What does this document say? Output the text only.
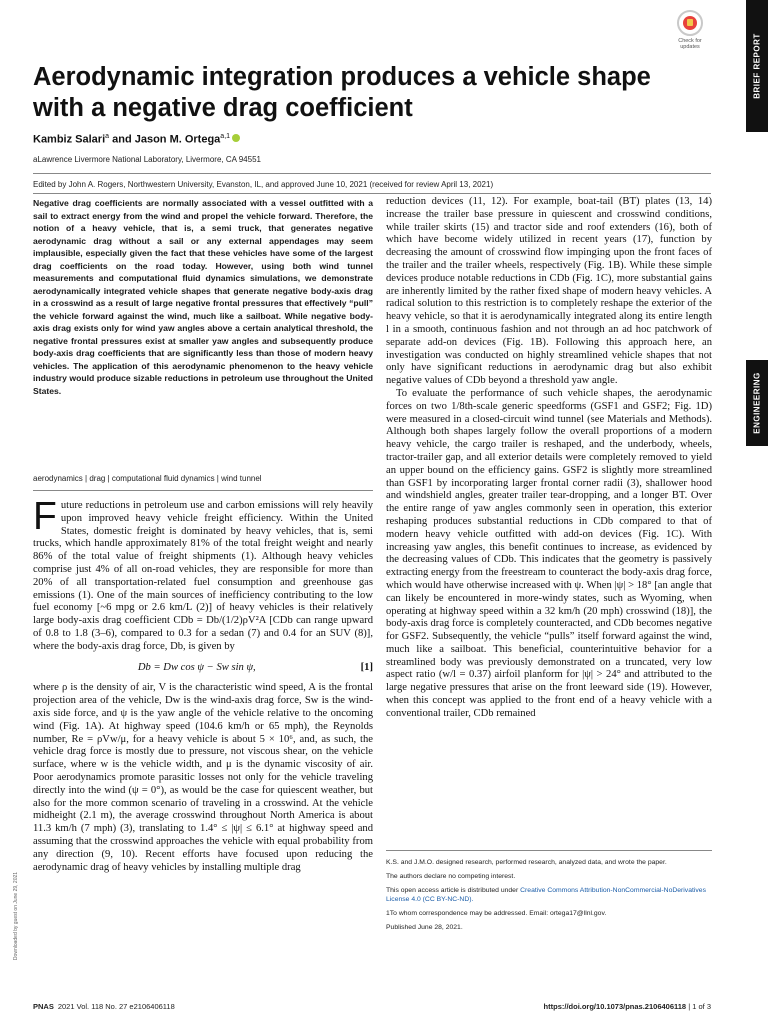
BRIEF REPORT
ENGINEERING
Check for updates
Aerodynamic integration produces a vehicle shape with a negative drag coefficient
Kambiz Salari$^a$ and Jason M. Ortega$^{a,1}$
aLawrence Livermore National Laboratory, Livermore, CA 94551
Edited by John A. Rogers, Northwestern University, Evanston, IL, and approved June 10, 2021 (received for review April 13, 2021)
Negative drag coefficients are normally associated with a vessel outfitted with a sail to extract energy from the wind and propel the vehicle forward. Therefore, the notion of a heavy vehicle, that is, a semi truck, that generates negative aerodynamic drag without a sail or any external appendages may seem implausible, especially given the fact that these vehicles have some of the largest drag coefficients on the road today. However, using both wind tunnel measurements and computational fluid dynamics simulations, we demonstrate aerodynamically integrated vehicle shapes that generate negative body-axis drag in a crosswind as a result of large negative frontal pressures that effectively “pull” the vehicle forward against the wind, much like a sailboat. While negative body-axis drag exists only for wind yaw angles above a certain analytical threshold, the negative frontal pressures exist at smaller yaw angles and subsequently produce body-axis drag coefficients that are significantly less than those of modern heavy vehicles. The application of this aerodynamic phenomenon to the heavy vehicle industry would produce sizable reductions in petroleum use throughout the United States.
aerodynamics | drag | computational fluid dynamics | wind tunnel

Future reductions in petroleum use and carbon emissions will rely heavily upon improved heavy vehicle freight efficiency. Within the United States, domestic freight is dominated by heavy vehicles, that is, semi trucks, which handle approximately 81% of the total freight weight and nearly 86% of the total value of freight shipments (1). Although heavy vehicles comprise just 4% of all on-road vehicles, they are responsible for more than 20% of all transportation-related fuel consumption and greenhouse gas emissions (1). One of the main sources of inefficiency contributing to the low fuel economy [~6 mpg or 2.6 km/L (2)] of heavy vehicles is their relatively large body-axis drag coefficient CDb = Db/(1/2)ρV²A [CDb can range upward of 0.8 to 1.8 (3–6), compared to 0.3 for a sedan (7) and 0.4 for an SUV (8)], where the body-axis drag force, Db, is given by

Db = Dw cos ψ − Sw sin ψ,	[1]

where ρ is the density of air, V is the characteristic wind speed, A is the frontal projection area of the vehicle, Dw is the wind-axis drag force, Sw is the wind-axis side force, and ψ is the yaw angle of the vehicle relative to the oncoming wind (Fig. 1A). At highway speed (104.6 km/h or 65 mph), the Reynolds number, Re = ρVw/μ, for a heavy vehicle is about 5 × 10⁶, and, as such, the vehicle drag force is mostly due to pressure, not viscous shear, on the vehicle surface, where w is the vehicle width, and μ is the dynamic viscosity of air. Poor aerodynamics promote parasitic losses not only for the vehicle traveling directly into the wind (ψ = 0°), as would be the case for quiescent weather, but also for the more common scenario of traveling in a crosswind. At the vehicle midheight (2.1 m), the average crosswind throughout North America is about 11.3 km/h (7 mph) (3), translating to 1.4° ≤ |ψ| ≤ 6.1° at highway speed and assuming that the crosswind approaches the vehicle with equal probability from any direction (9, 10). Recent efforts have focused upon reducing the aerodynamic drag of heavy vehicles by installing multiple drag

reduction devices (11, 12). For example, boat-tail (BT) plates (13, 14) increase the trailer base pressure in quiescent and crosswind conditions, while trailer skirts (15) and tractor side and roof extenders (16), both of which have become widely utilized in recent years (17), function by decreasing the amount of crosswind flow impinging upon the front faces of the trailer and the trailer wheels, respectively (Fig. 1B). While these simple devices produce notable reductions in CDb (Fig. 1C), more substantial gains are inherently limited by the rather fixed shape of modern heavy vehicles. A radical solution to this restriction is to completely reshape the exterior of the heavy vehicle, so that it is aerodynamically integrated along its entire length l in a smooth, continuous fashion and not through an ad hoc patchwork of separate add-on devices (Fig. 1B). Following this approach here, an investigation was conducted on highly streamlined vehicle shapes that not only have significant reductions in aerodynamic drag but also exhibit negative values of CDb beyond a threshold yaw angle.

To evaluate the performance of such vehicle shapes, the aerodynamic forces on two 1/8th-scale generic speedforms (GSF1 and GSF2; Fig. 1D) were measured in a closed-circuit wind tunnel (see Materials and Methods). Although both shapes largely follow the overall proportions of a modern heavy vehicle, the cargo trailer is reshaped, and the underbody, wheels, tractor-trailer gap, and all exterior details were completely removed to yield an upper bound on the efficiency gains. GSF2 is slightly more streamlined than GSF1 by incorporating larger frontal corner radii (3), shallower hood and windshield angles, greater trailer tear-dropping, and a longer BT. Over the entire range of yaw angles commonly seen in operation, this exterior reshaping produces substantial reductions in CDb compared to that of modern heavy vehicle outfitted with add-on devices (Fig. 1C). With increasing yaw angles, this benefit continues to increase, as evidenced by the decreasing values of CDb. This indicates that the geometry is passively extracting energy from the freestream to counteract the body-axis drag force, which would have otherwise increased with ψ. When |ψ| > 18° [an angle that can likely be encountered in more-windy states, such as Wyoming, when operating at highway speed within a 32 km/h (20 mph) crosswind (18)], the body-axis drag force is completely counteracted, and CDb becomes negative for GSF2. Subsequently, the vehicle “pulls” itself forward against the wind, much like a sailboat. This beneficial, counterintuitive behavior for a streamlined body was previously demonstrated on a truncated, very low aspect ratio (w/l = 0.37) airfoil planform for |ψ| > 24° and attributed to the large negative pressures that arise on the front leeward side (19). However, when this concept was applied to the front end of a heavy vehicle with a conventional trailer, CDb remained

K.S. and J.M.O. designed research, performed research, analyzed data, and wrote the paper.

The authors declare no competing interest.

This open access article is distributed under Creative Commons Attribution-NonCommercial-NoDerivatives License 4.0 (CC BY-NC-ND).

1To whom correspondence may be addressed. Email: ortega17@llnl.gov.

Published June 28, 2021.

Downloaded by guest on June 29, 2021
PNAS 2021 Vol. 118 No. 27 e2106406118	https://doi.org/10.1073/pnas.2106406118 | 1 of 3
